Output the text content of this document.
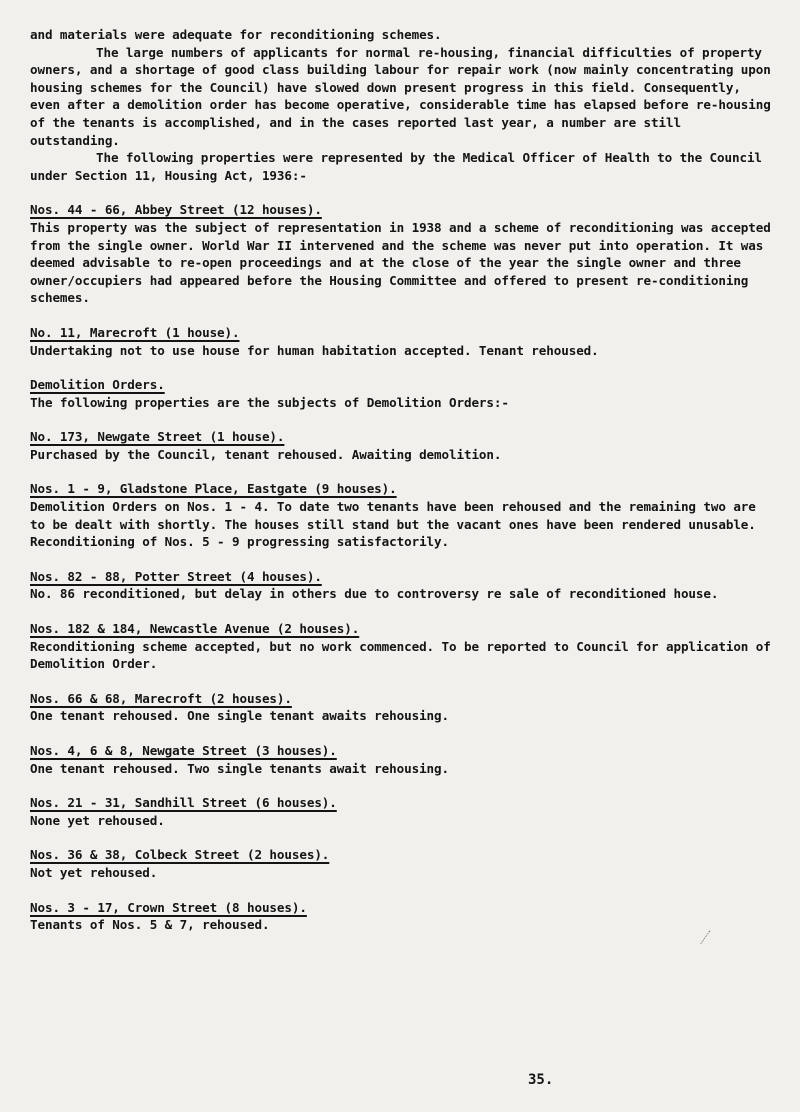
and materials were adequate for reconditioning schemes.

The large numbers of applicants for normal re-housing, financial difficulties of property owners, and a shortage of good class building labour for repair work (now mainly concentrating upon housing schemes for the Council) have slowed down present progress in this field. Consequently, even after a demolition order has become operative, considerable time has elapsed before re-housing of the tenants is accomplished, and in the cases reported last year, a number are still outstanding.

The following properties were represented by the Medical Officer of Health to the Council under Section 11, Housing Act, 1936:-

Nos. 44 - 66, Abbey Street (12 houses).
This property was the subject of representation in 1938 and a scheme of reconditioning was accepted from the single owner. World War II intervened and the scheme was never put into operation. It was deemed advisable to re-open proceedings and at the close of the year the single owner and three owner/occupiers had appeared before the Housing Committee and offered to present re-conditioning schemes.
No. 11, Marecroft (1 house).
Undertaking not to use house for human habitation accepted. Tenant rehoused.
Demolition Orders.
The following properties are the subjects of Demolition Orders:-
No. 173, Newgate Street (1 house).
Purchased by the Council, tenant rehoused. Awaiting demolition.
Nos. 1 - 9, Gladstone Place, Eastgate (9 houses).
Demolition Orders on Nos. 1 - 4. To date two tenants have been rehoused and the remaining two are to be dealt with shortly. The houses still stand but the vacant ones have been rendered unusable.
Reconditioning of Nos. 5 - 9 progressing satisfactorily.
Nos. 82 - 88, Potter Street (4 houses).
No. 86 reconditioned, but delay in others due to controversy re sale of reconditioned house.
Nos. 182 & 184, Newcastle Avenue (2 houses).
Reconditioning scheme accepted, but no work commenced. To be reported to Council for application of Demolition Order.
Nos. 66 & 68, Marecroft (2 houses).
One tenant rehoused. One single tenant awaits rehousing.
Nos. 4, 6 & 8, Newgate Street (3 houses).
One tenant rehoused. Two single tenants await rehousing.
Nos. 21 - 31, Sandhill Street (6 houses).
None yet rehoused.
Nos. 36 & 38, Colbeck Street (2 houses).
Not yet rehoused.
Nos. 3 - 17, Crown Street (8 houses).
Tenants of Nos. 5 & 7, rehoused.
35.
